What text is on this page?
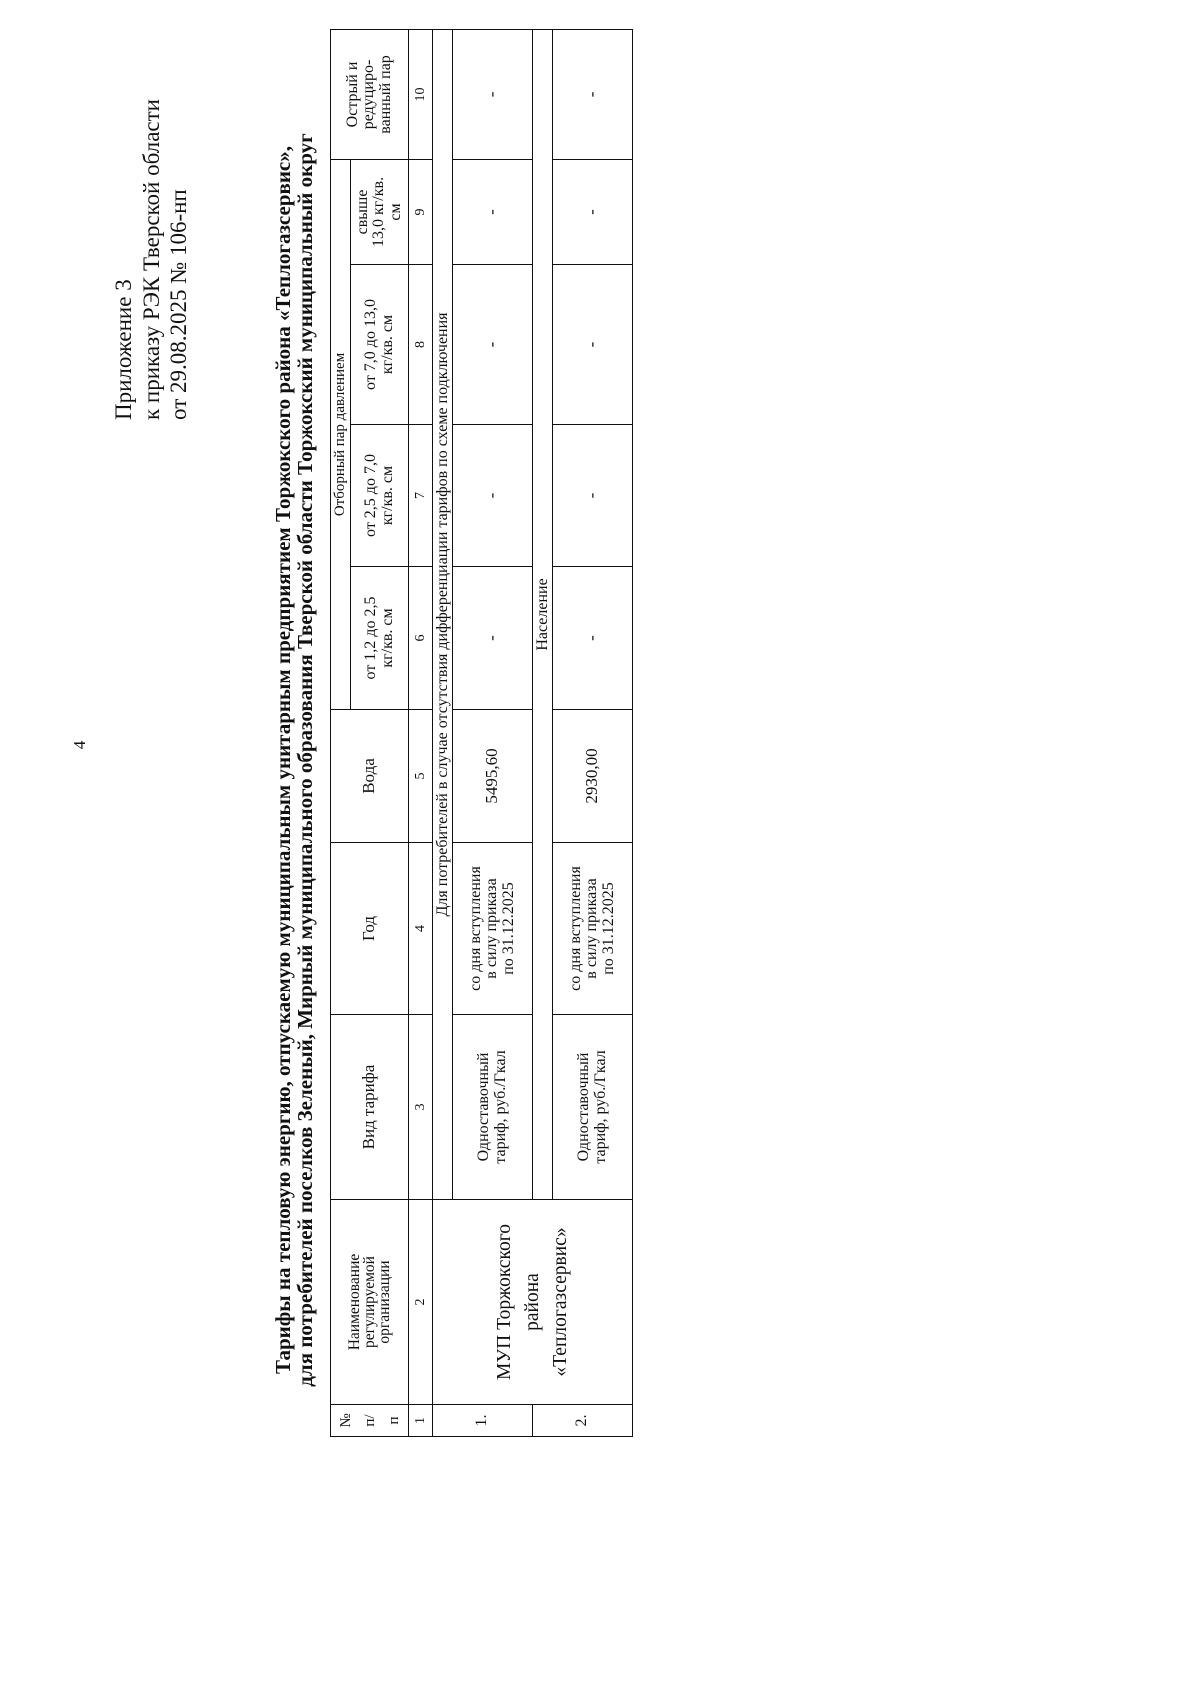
4
Приложение 3 к приказу РЭК Тверской области от 29.08.2025 № 106-нп	Тарифы на тепловую энергию, отпускаемую муниципальным унитарным предприятием Торжокского района «Теплогазсервис»,
для потребителей поселков Зеленый, Мирный муниципального образования Тверской области Торжокский муниципальный округ
№ п/ п	Наименование
регулируемой
организации	Вид тарифа	Год	Вода	Отборный пар давлением				Острый и редуциро- ванный пар

					от 1,2 до 2,5 кг/кв. см	от 2,5 до 7,0 кг/кв. см	от 7,0 до 13,0 кг/кв. см	свыше 13,0 кг/кв. см	

1	2	3	4	5	6	7	8	9	10
1.	МУП Торжокского района «Теплогазсервис»	Для потребителей в случае отсутствия дифференциации тарифов по схеме подключения							

		Одноставочный тариф, руб./Гкал	со дня вступления в силу приказа по 31.12.2025	5495,60	-	-	-	-	-
2.		Население							

		Одноставочный тариф, руб./Гкал	со дня вступления в силу приказа по 31.12.2025	2930,00	-	-	-	-	-
